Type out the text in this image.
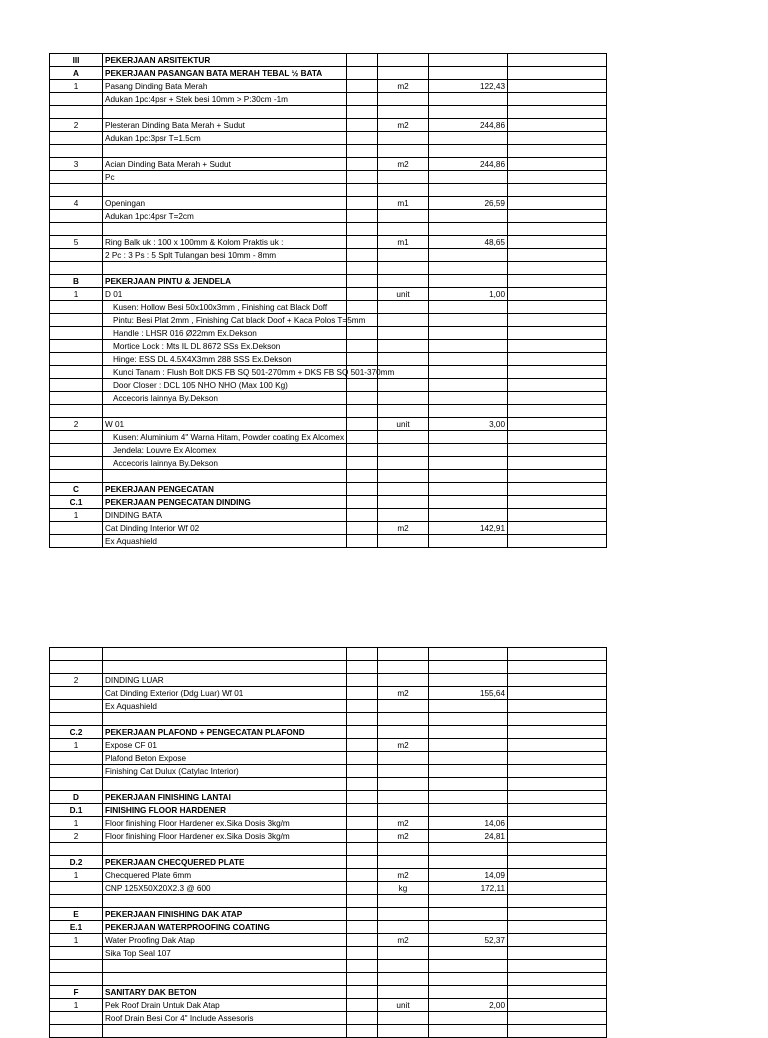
III	PEKERJAAN ARSITEKTUR				
A	PEKERJAAN PASANGAN BATA MERAH TEBAL ½ BATA				
1	Pasang Dinding Bata Merah		m2	122,43	
	Adukan 1pc:4psr + Stek besi 10mm > P:30cm -1m				

2	Plesteran Dinding Bata Merah + Sudut		m2	244,86	
	Adukan 1pc:3psr T=1.5cm				

3	Acian Dinding Bata Merah + Sudut		m2	244,86	
	Pc				

4	Openingan		m1	26,59	
	Adukan 1pc:4psr T=2cm				

5	Ring Balk uk : 100 x 100mm & Kolom Praktis uk :		m1	48,65	
	2 Pc : 3 Ps : 5 Splt Tulangan besi 10mm - 8mm				

B	PEKERJAAN PINTU & JENDELA				
1	D 01		unit	1,00	
	Kusen: Hollow Besi 50x100x3mm , Finishing cat Black Doff				
	Pintu: Besi Plat 2mm , Finishing Cat black Doof + Kaca Polos T=5mm				
	Handle : LHSR 016 Ø22mm Ex.Dekson				
	Mortice Lock : Mts IL DL 8672 SSs Ex.Dekson				
	Hinge: ESS DL 4.5X4X3mm 288 SSS Ex.Dekson				
	Kunci Tanam : Flush Bolt DKS FB SQ 501-270mm + DKS FB SQ 501-370mm				
	Door Closer : DCL 105 NHO NHO (Max 100 Kg)				
	Accecoris lainnya By.Dekson				

2	W 01		unit	3,00	
	Kusen: Aluminium 4" Warna Hitam, Powder coating Ex Alcomex				
	Jendela: Louvre Ex Alcomex				
	Accecoris lainnya By.Dekson				

C	PEKERJAAN PENGECATAN				
C.1	PEKERJAAN PENGECATAN DINDING				
1	DINDING BATA				
	Cat Dinding Interior Wf 02		m2	142,91	
	Ex Aquashield				

2	DINDING LUAR				
	Cat Dinding Exterior (Ddg Luar) Wf 01		m2	155,64	
	Ex Aquashield				

C.2	PEKERJAAN PLAFOND + PENGECATAN PLAFOND				
1	Expose CF 01		m2		
	Plafond Beton Expose				
	Finishing Cat Dulux (Catylac Interior)				

D	PEKERJAAN FINISHING LANTAI				
D.1	FINISHING FLOOR HARDENER				
1	Floor finishing Floor Hardener ex.Sika Dosis 3kg/m		m2	14,06	
2	Floor finishing Floor Hardener ex.Sika Dosis 3kg/m		m2	24,81	

D.2	PEKERJAAN CHECQUERED PLATE				
1	Checquered Plate 6mm		m2	14,09	
	CNP 125X50X20X2.3 @ 600		kg	172,11	

E	PEKERJAAN FINISHING DAK ATAP				
E.1	PEKERJAAN WATERPROOFING COATING				
1	Water Proofing Dak Atap		m2	52,37	
	Sika Top Seal 107				

F	SANITARY DAK BETON				
1	Pek Roof Drain Untuk Dak Atap		unit	2,00	
	Roof Drain Besi Cor 4" Include Assesoris				
